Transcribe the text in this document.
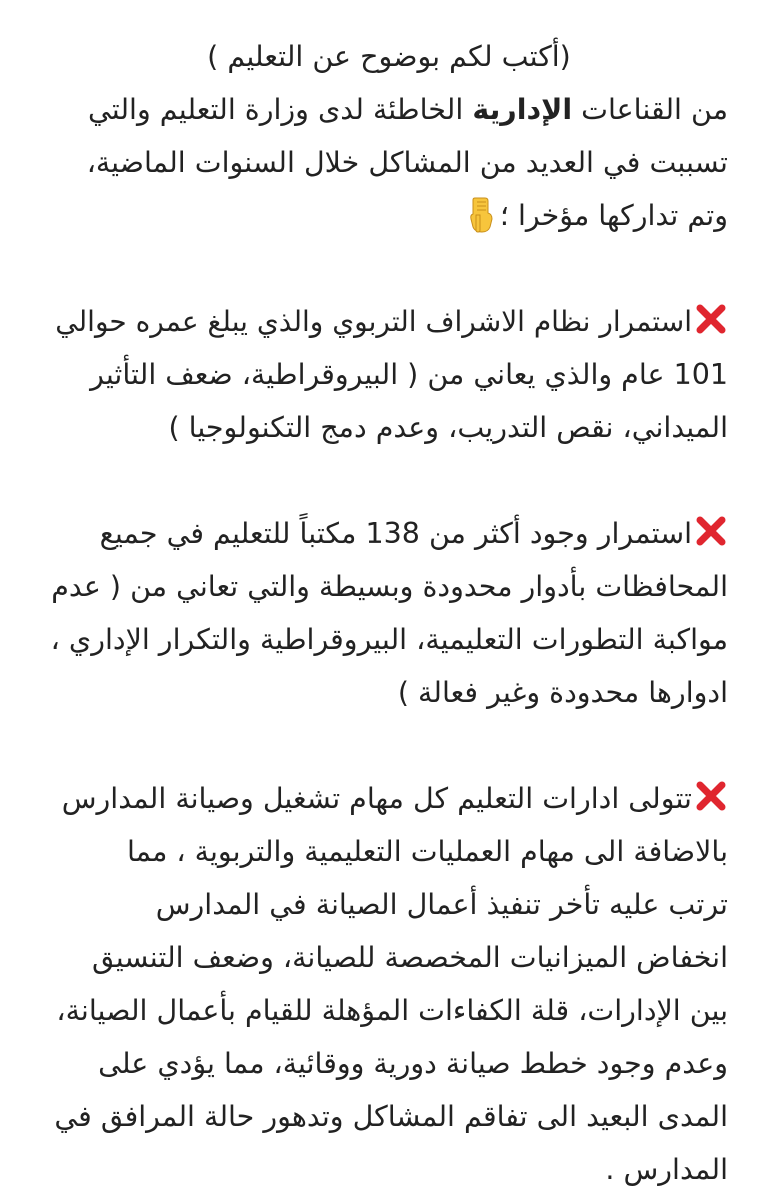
(أكتب لكم بوضوح عن التعليم )
من القناعات الإدارية الخاطئة لدى وزارة التعليم والتي
تسببت في العديد من المشاكل خلال السنوات الماضية،
وتم تداركها مؤخرا ؛
استمرار نظام الاشراف التربوي والذي يبلغ عمره حوالي
101 عام والذي يعاني من ( البيروقراطية، ضعف التأثير
الميداني، نقص التدريب، وعدم دمج التكنولوجيا )
استمرار وجود أكثر من 138 مكتباً للتعليم في جميع
المحافظات بأدوار محدودة وبسيطة والتي تعاني من ( عدم
مواكبة التطورات التعليمية، البيروقراطية والتكرار الإداري ،
ادوارها محدودة وغير فعالة )
تتولى ادارات التعليم كل مهام تشغيل وصيانة المدارس
بالاضافة الى مهام العمليات التعليمية والتربوية ، مما
ترتب عليه تأخر تنفيذ أعمال الصيانة في المدارس
انخفاض الميزانيات المخصصة للصيانة، وضعف التنسيق
بين الإدارات، قلة الكفاءات المؤهلة للقيام بأعمال الصيانة،
وعدم وجود خطط صيانة دورية ووقائية، مما يؤدي على
المدى البعيد الى تفاقم المشاكل وتدهور حالة المرافق في
المدارس .
